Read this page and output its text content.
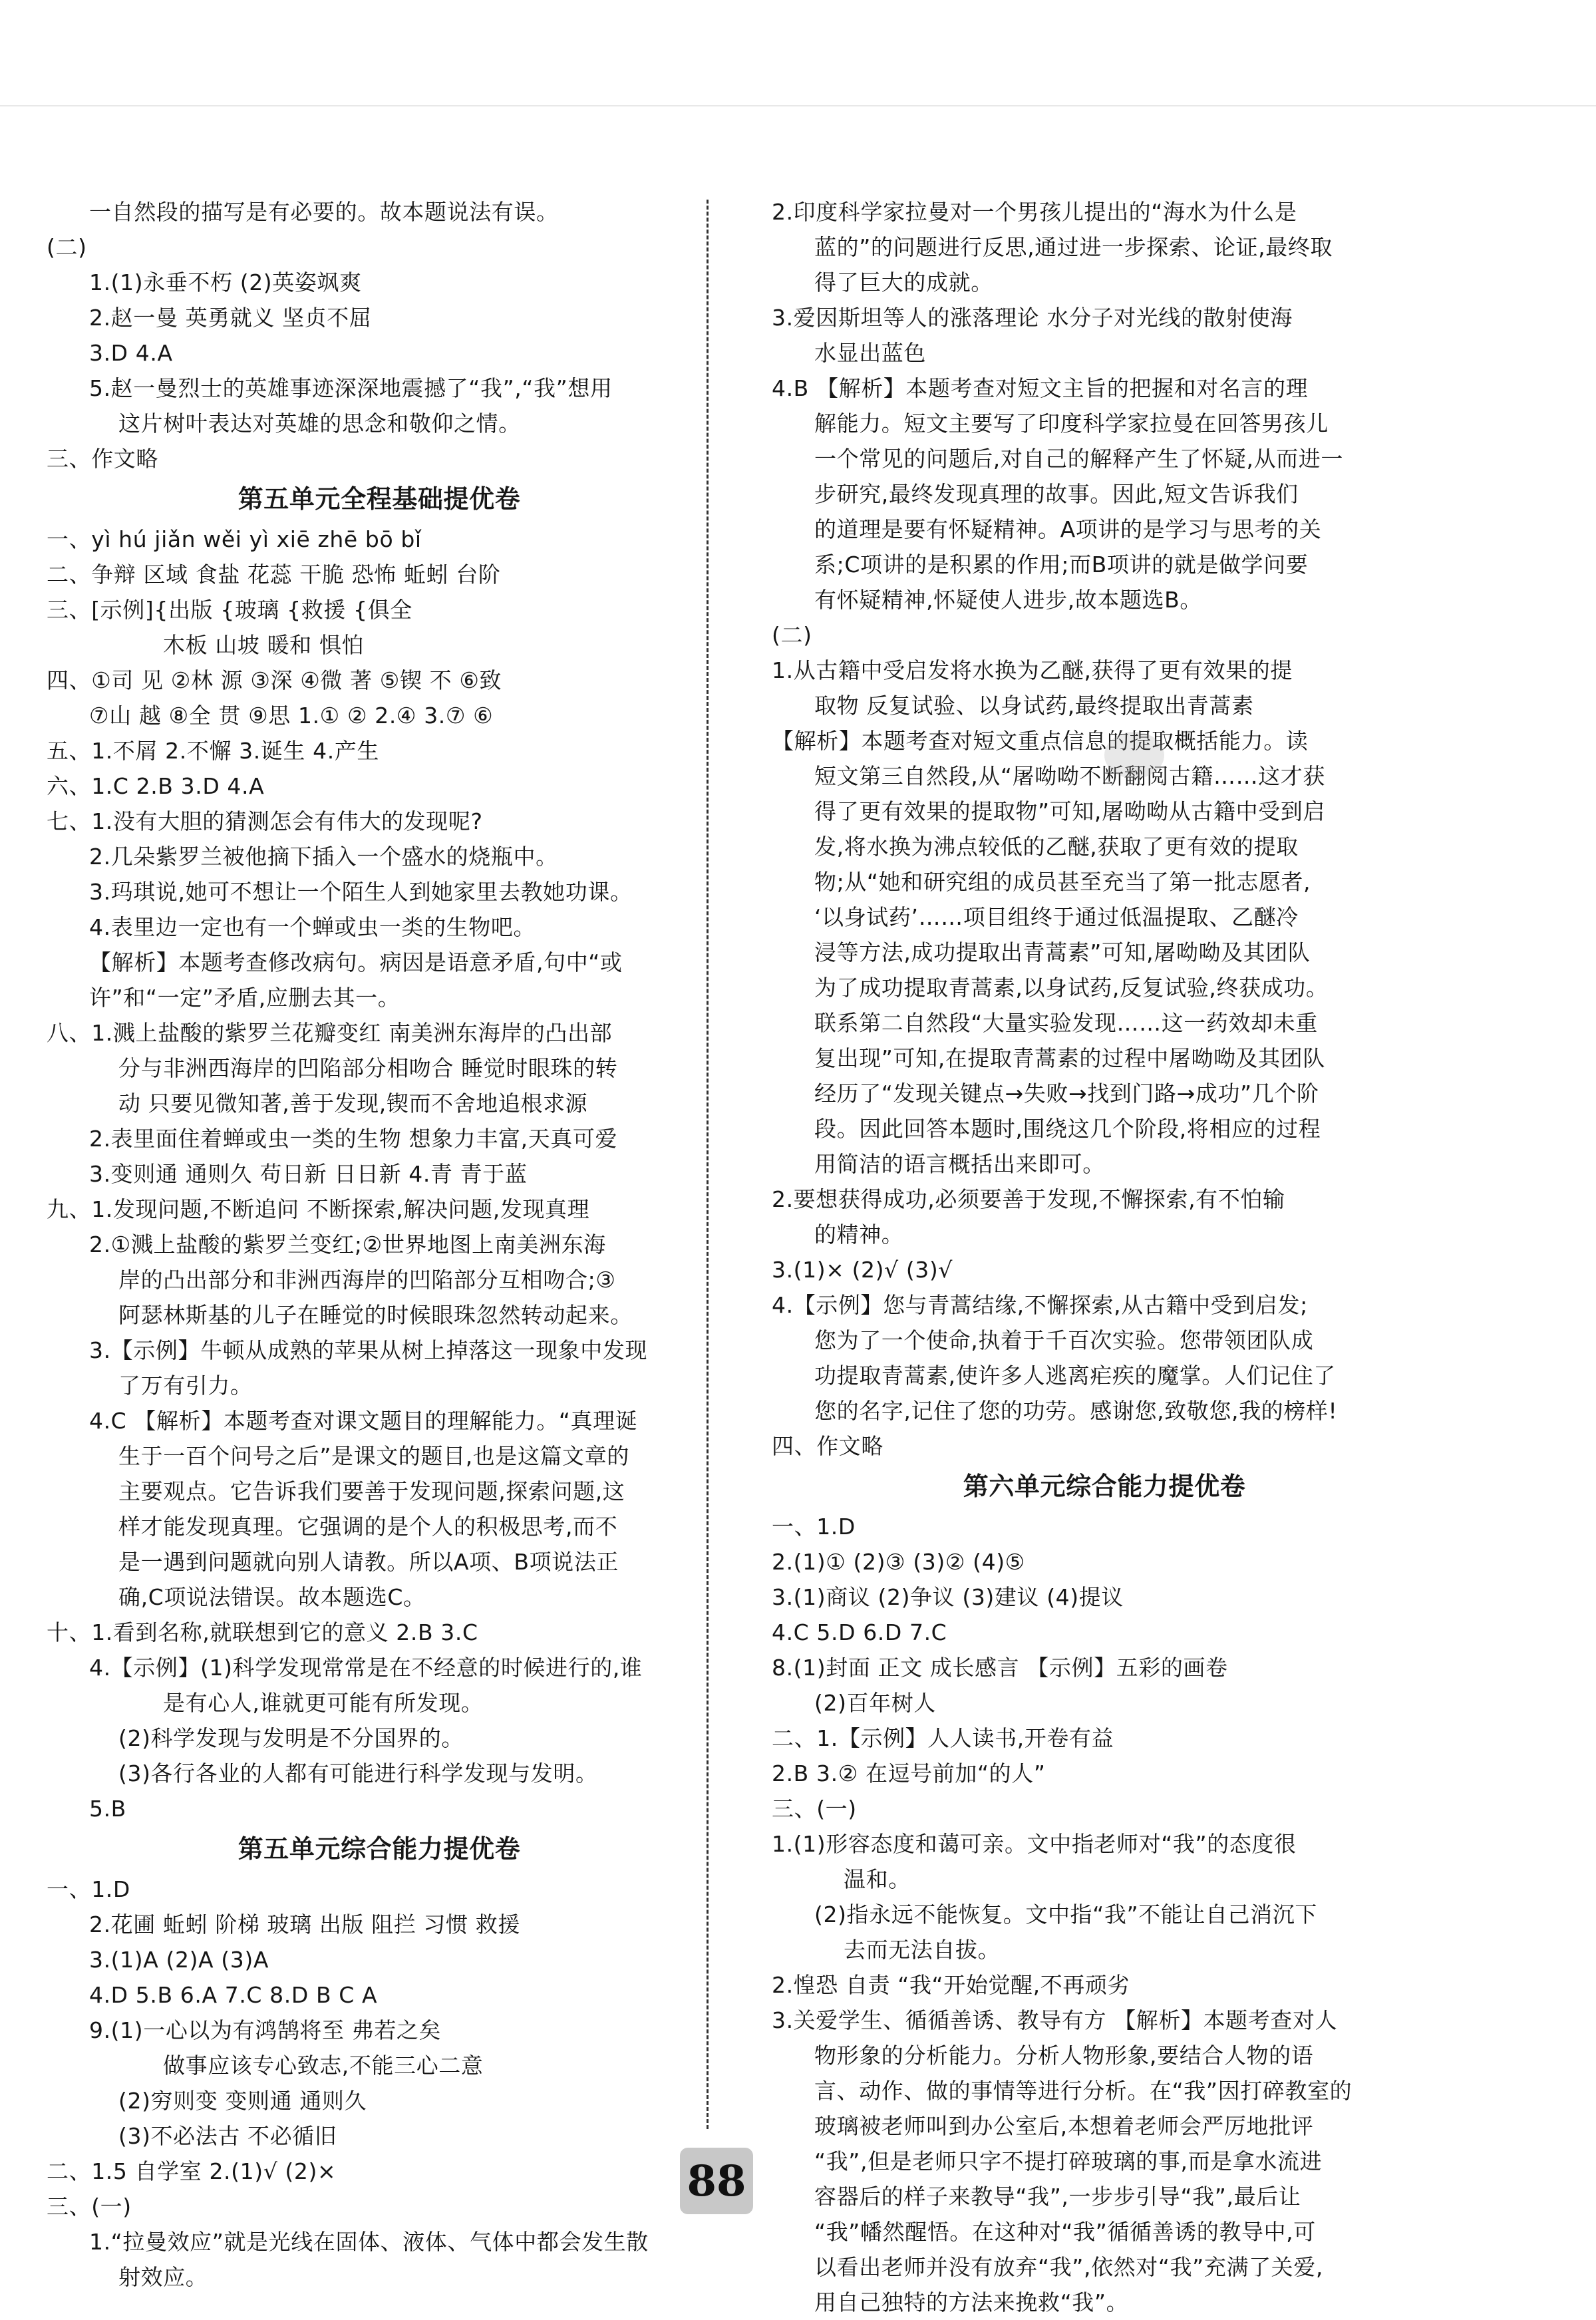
一自然段的描写是有必要的。故本题说法有误。
(二)
1.(1)永垂不朽 (2)英姿飒爽
2.赵一曼 英勇就义 坚贞不屈
3.D 4.A
5.赵一曼烈士的英雄事迹深深地震撼了“我”,“我”想用
这片树叶表达对英雄的思念和敬仰之情。
三、作文略
第五单元全程基础提优卷
一、yì hú jiǎn wěi yì xiē zhē bō bǐ
二、争辩 区域 食盐 花蕊 干脆 恐怖 蚯蚓 台阶
三、[示例]{出版 {玻璃 {救援 {俱全
木板 山坡 暖和 惧怕
四、①司 见 ②林 源 ③深 ④微 著 ⑤锲 不 ⑥致
⑦山 越 ⑧全 贯 ⑨思 1.① ② 2.④ 3.⑦ ⑥
五、1.不屑 2.不懈 3.诞生 4.产生
六、1.C 2.B 3.D 4.A
七、1.没有大胆的猜测怎会有伟大的发现呢?
2.几朵紫罗兰被他摘下插入一个盛水的烧瓶中。
3.玛琪说,她可不想让一个陌生人到她家里去教她功课。
4.表里边一定也有一个蝉或虫一类的生物吧。
【解析】本题考查修改病句。病因是语意矛盾,句中“或
许”和“一定”矛盾,应删去其一。
八、1.溅上盐酸的紫罗兰花瓣变红 南美洲东海岸的凸出部
分与非洲西海岸的凹陷部分相吻合 睡觉时眼珠的转
动 只要见微知著,善于发现,锲而不舍地追根求源
2.表里面住着蝉或虫一类的生物 想象力丰富,天真可爱
3.变则通 通则久 苟日新 日日新 4.青 青于蓝
九、1.发现问题,不断追问 不断探索,解决问题,发现真理
2.①溅上盐酸的紫罗兰变红;②世界地图上南美洲东海
岸的凸出部分和非洲西海岸的凹陷部分互相吻合;③
阿瑟林斯基的儿子在睡觉的时候眼珠忽然转动起来。
3.【示例】牛顿从成熟的苹果从树上掉落这一现象中发现
了万有引力。
4.C 【解析】本题考查对课文题目的理解能力。“真理诞
生于一百个问号之后”是课文的题目,也是这篇文章的
主要观点。它告诉我们要善于发现问题,探索问题,这
样才能发现真理。它强调的是个人的积极思考,而不
是一遇到问题就向别人请教。所以A项、B项说法正
确,C项说法错误。故本题选C。
十、1.看到名称,就联想到它的意义 2.B 3.C
4.【示例】(1)科学发现常常是在不经意的时候进行的,谁
是有心人,谁就更可能有所发现。
(2)科学发现与发明是不分国界的。
(3)各行各业的人都有可能进行科学发现与发明。
5.B
第五单元综合能力提优卷
一、1.D
2.花圃 蚯蚓 阶梯 玻璃 出版 阻拦 习惯 救援
3.(1)A (2)A (3)A
4.D 5.B 6.A 7.C 8.D B C A
9.(1)一心以为有鸿鹄将至 弗若之矣
做事应该专心致志,不能三心二意
(2)穷则变 变则通 通则久
(3)不必法古 不必循旧
二、1.5 自学室 2.(1)√ (2)×
三、(一)
1.“拉曼效应”就是光线在固体、液体、气体中都会发生散
射效应。
2.印度科学家拉曼对一个男孩儿提出的“海水为什么是
蓝的”的问题进行反思,通过进一步探索、论证,最终取
得了巨大的成就。
3.爱因斯坦等人的涨落理论 水分子对光线的散射使海
水显出蓝色
4.B 【解析】本题考查对短文主旨的把握和对名言的理
解能力。短文主要写了印度科学家拉曼在回答男孩儿
一个常见的问题后,对自己的解释产生了怀疑,从而进一
步研究,最终发现真理的故事。因此,短文告诉我们
的道理是要有怀疑精神。A项讲的是学习与思考的关
系;C项讲的是积累的作用;而B项讲的就是做学问要
有怀疑精神,怀疑使人进步,故本题选B。
(二)
1.从古籍中受启发将水换为乙醚,获得了更有效果的提
取物 反复试验、以身试药,最终提取出青蒿素
【解析】本题考查对短文重点信息的提取概括能力。读
短文第三自然段,从“屠呦呦不断翻阅古籍……这才获
得了更有效果的提取物”可知,屠呦呦从古籍中受到启
发,将水换为沸点较低的乙醚,获取了更有效的提取
物;从“她和研究组的成员甚至充当了第一批志愿者,
‘以身试药’……项目组终于通过低温提取、乙醚冷
浸等方法,成功提取出青蒿素”可知,屠呦呦及其团队
为了成功提取青蒿素,以身试药,反复试验,终获成功。
联系第二自然段“大量实验发现……这一药效却未重
复出现”可知,在提取青蒿素的过程中屠呦呦及其团队
经历了“发现关键点→失败→找到门路→成功”几个阶
段。因此回答本题时,围绕这几个阶段,将相应的过程
用简洁的语言概括出来即可。
2.要想获得成功,必须要善于发现,不懈探索,有不怕输
的精神。
3.(1)× (2)√ (3)√
4.【示例】您与青蒿结缘,不懈探索,从古籍中受到启发;
您为了一个使命,执着于千百次实验。您带领团队成
功提取青蒿素,使许多人逃离疟疾的魔掌。人们记住了
您的名字,记住了您的功劳。感谢您,致敬您,我的榜样!
四、作文略
第六单元综合能力提优卷
一、1.D
2.(1)① (2)③ (3)② (4)⑤
3.(1)商议 (2)争议 (3)建议 (4)提议
4.C 5.D 6.D 7.C
8.(1)封面 正文 成长感言 【示例】五彩的画卷
(2)百年树人
二、1.【示例】人人读书,开卷有益
2.B 3.② 在逗号前加“的人”
三、(一)
1.(1)形容态度和蔼可亲。文中指老师对“我”的态度很
温和。
(2)指永远不能恢复。文中指“我”不能让自己消沉下
去而无法自拔。
2.惶恐 自责 “我“开始觉醒,不再顽劣
3.关爱学生、循循善诱、教导有方 【解析】本题考查对人
物形象的分析能力。分析人物形象,要结合人物的语
言、动作、做的事情等进行分析。在“我”因打碎教室的
玻璃被老师叫到办公室后,本想着老师会严厉地批评
“我”,但是老师只字不提打碎玻璃的事,而是拿水流进
容器后的样子来教导“我”,一步步引导“我”,最后让
“我”幡然醒悟。在这种对“我”循循善诱的教导中,可
以看出老师并没有放弃“我”,依然对“我”充满了关爱,
用自己独特的方法来挽救“我”。
88
